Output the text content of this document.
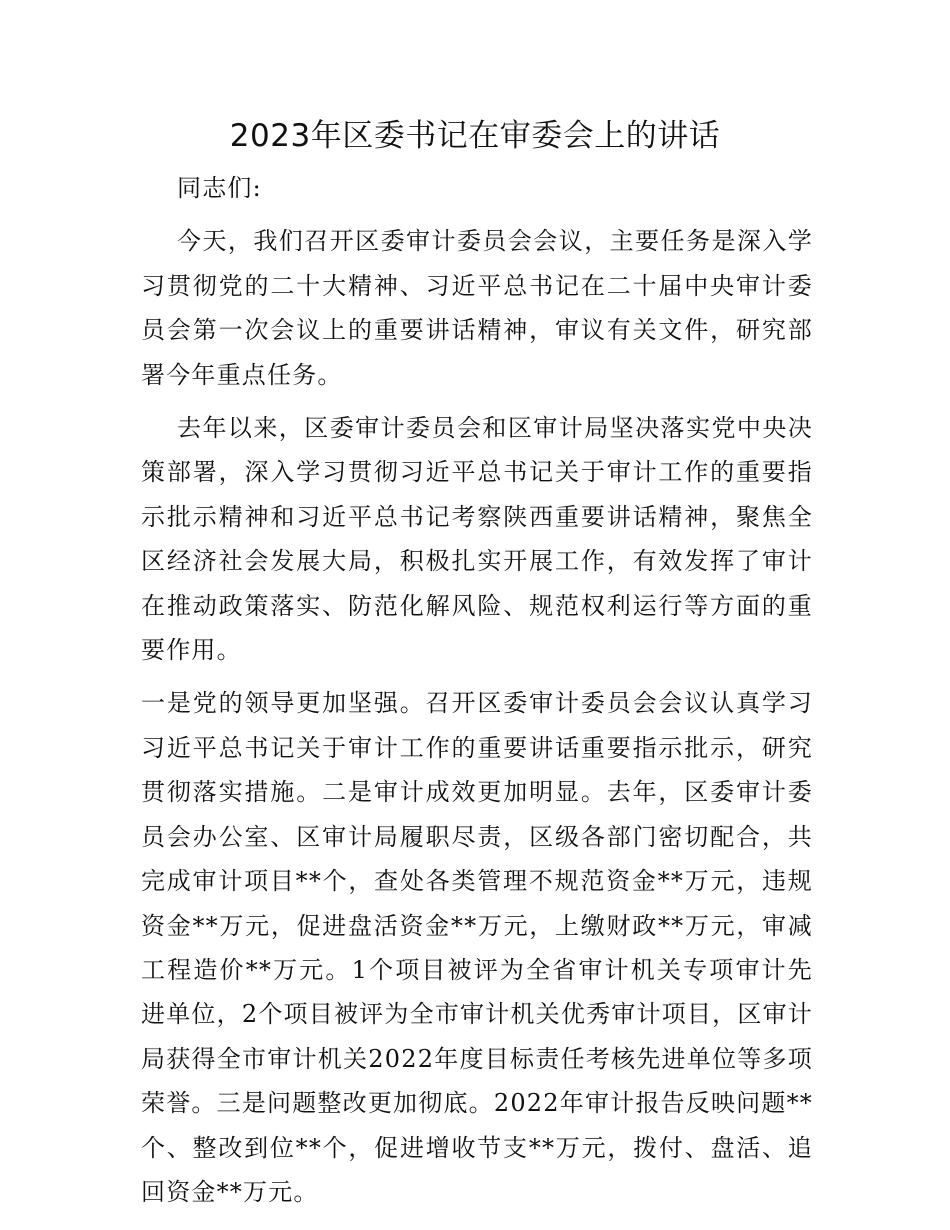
2023年区委书记在审委会上的讲话

同志们:

今天，我们召开区委审计委员会会议，主要任务是深入学习贯彻党的二十大精神、习近平总书记在二十届中央审计委员会第一次会议上的重要讲话精神，审议有关文件，研究部署今年重点任务。

去年以来，区委审计委员会和区审计局坚决落实党中央决策部署，深入学习贯彻习近平总书记关于审计工作的重要指示批示精神和习近平总书记考察陕西重要讲话精神，聚焦全区经济社会发展大局，积极扎实开展工作，有效发挥了审计在推动政策落实、防范化解风险、规范权利运行等方面的重要作用。

一是党的领导更加坚强。召开区委审计委员会会议认真学习习近平总书记关于审计工作的重要讲话重要指示批示，研究贯彻落实措施。二是审计成效更加明显。去年，区委审计委员会办公室、区审计局履职尽责，区级各部门密切配合，共完成审计项目**个，查处各类管理不规范资金**万元，违规资金**万元，促进盘活资金**万元，上缴财政**万元，审减工程造价**万元。1个项目被评为全省审计机关专项审计先进单位，2个项目被评为全市审计机关优秀审计项目，区审计局获得全市审计机关2022年度目标责任考核先进单位等多项荣誉。三是问题整改更加彻底。2022年审计报告反映问题**个、整改到位**个，促进增收节支**万元，拨付、盘活、追回资金**万元。
